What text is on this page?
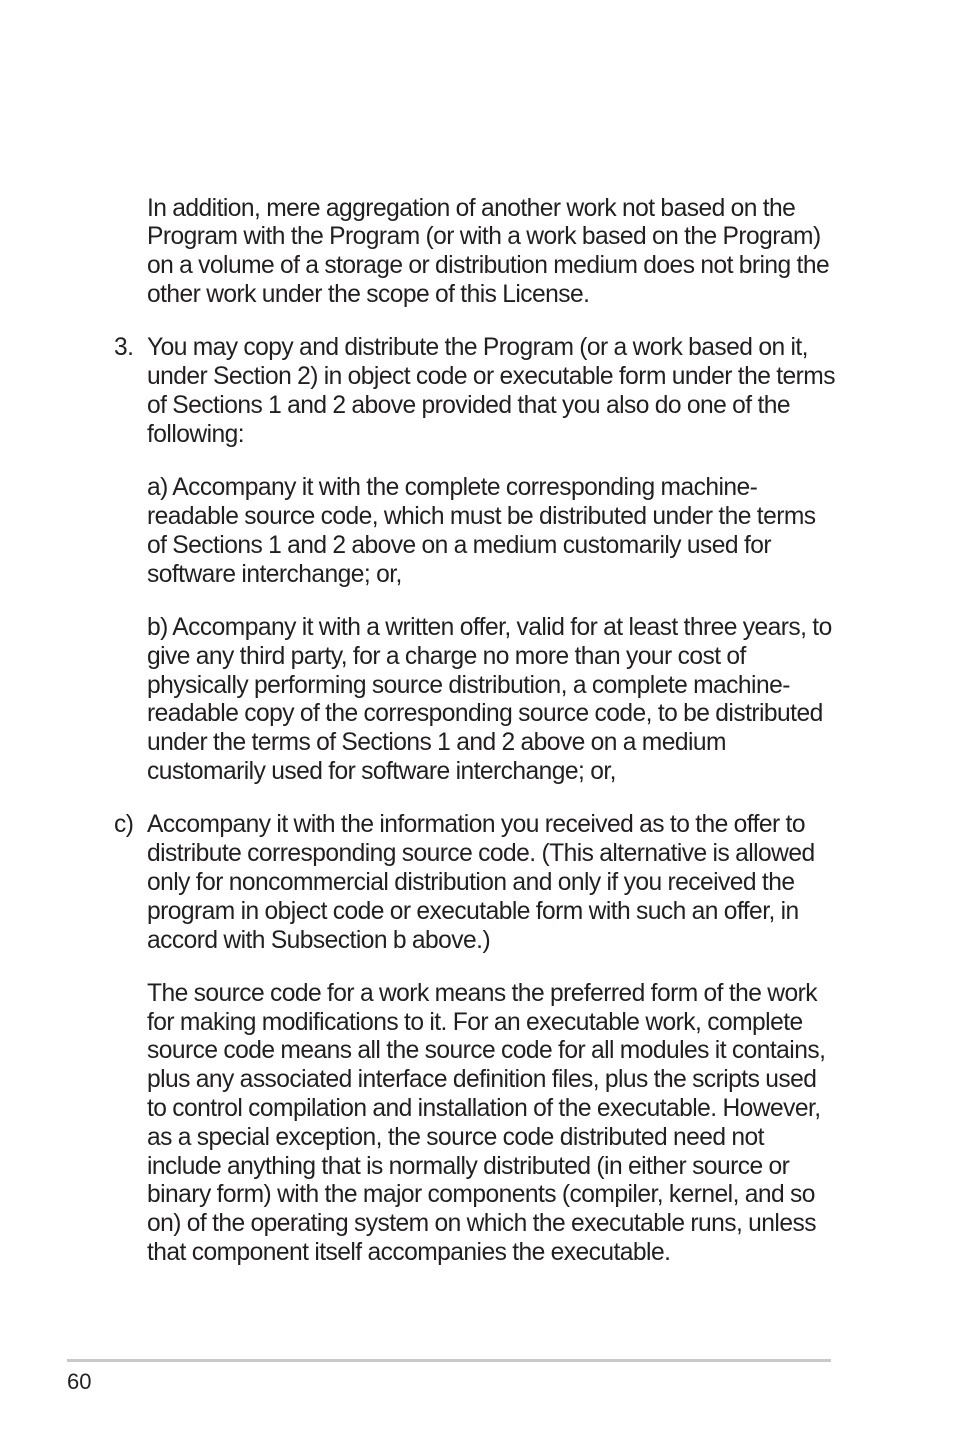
In addition, mere aggregation of another work not based on the Program with the Program (or with a work based on the Program) on a volume of a storage or distribution medium does not bring the other work under the scope of this License.

3. You may copy and distribute the Program (or a work based on it, under Section 2) in object code or executable form under the terms of Sections 1 and 2 above provided that you also do one of the following:

a) Accompany it with the complete corresponding machine-readable source code, which must be distributed under the terms of Sections 1 and 2 above on a medium customarily used for software interchange; or,

b) Accompany it with a written offer, valid for at least three years, to give any third party, for a charge no more than your cost of physically performing source distribution, a complete machine-readable copy of the corresponding source code, to be distributed under the terms of Sections 1 and 2 above on a medium customarily used for software interchange; or,

c) Accompany it with the information you received as to the offer to distribute corresponding source code. (This alternative is allowed only for noncommercial distribution and only if you received the program in object code or executable form with such an offer, in accord with Subsection b above.)

The source code for a work means the preferred form of the work for making modifications to it. For an executable work, complete source code means all the source code for all modules it contains, plus any associated interface definition files, plus the scripts used to control compilation and installation of the executable. However, as a special exception, the source code distributed need not include anything that is normally distributed (in either source or binary form) with the major components (compiler, kernel, and so on) of the operating system on which the executable runs, unless that component itself accompanies the executable.

60
